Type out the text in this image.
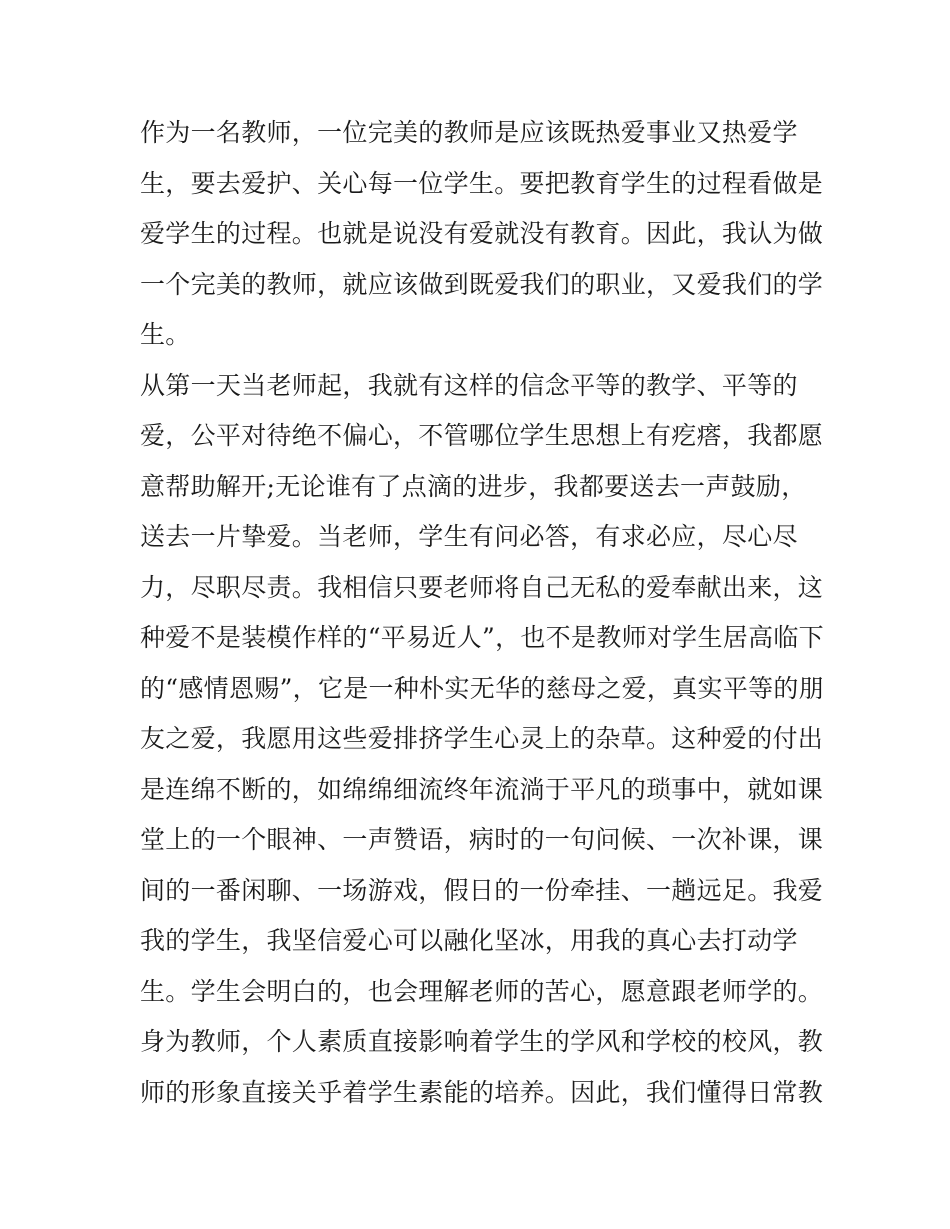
作为一名教师，一位完美的教师是应该既热爱事业又热爱学
生，要去爱护、关心每一位学生。要把教育学生的过程看做是
爱学生的过程。也就是说没有爱就没有教育。因此，我认为做
一个完美的教师，就应该做到既爱我们的职业，又爱我们的学
生。
从第一天当老师起，我就有这样的信念平等的教学、平等的
爱，公平对待绝不偏心，不管哪位学生思想上有疙瘩，我都愿
意帮助解开;无论谁有了点滴的进步，我都要送去一声鼓励，
送去一片挚爱。当老师，学生有问必答，有求必应，尽心尽
力，尽职尽责。我相信只要老师将自己无私的爱奉献出来，这
种爱不是装模作样的“平易近人”，也不是教师对学生居高临下
的“感情恩赐”，它是一种朴实无华的慈母之爱，真实平等的朋
友之爱，我愿用这些爱排挤学生心灵上的杂草。这种爱的付出
是连绵不断的，如绵绵细流终年流淌于平凡的琐事中，就如课
堂上的一个眼神、一声赞语，病时的一句问候、一次补课，课
间的一番闲聊、一场游戏，假日的一份牵挂、一趟远足。我爱
我的学生，我坚信爱心可以融化坚冰，用我的真心去打动学
生。学生会明白的，也会理解老师的苦心，愿意跟老师学的。
身为教师，个人素质直接影响着学生的学风和学校的校风，教
师的形象直接关乎着学生素能的培养。因此，我们懂得日常教
